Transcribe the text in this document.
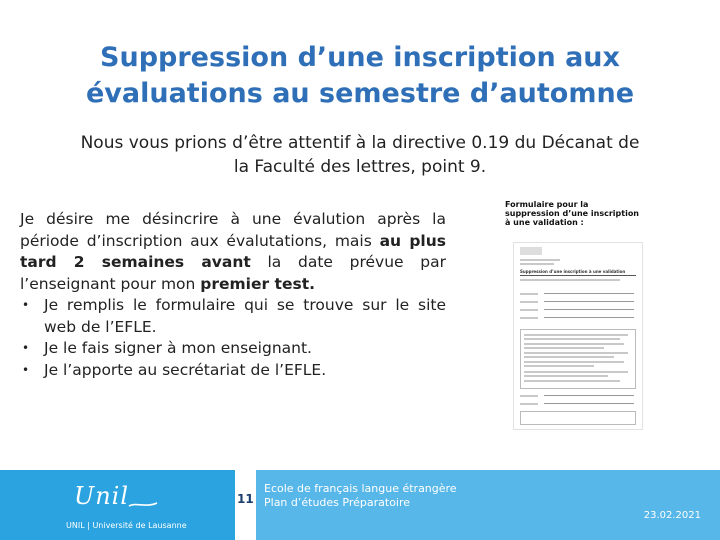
Suppression d’une inscription aux
évaluations au semestre d’automne
Nous vous prions d’être attentif à la directive 0.19 du Décanat de
la Faculté des lettres, point 9.
Je désire me désincrire à une évalution après la période d’inscription aux évalutations, mais au plus tard 2 semaines avant la date prévue par l’enseignant pour mon premier test.
• Je remplis le formulaire qui se trouve sur le site web de l’EFLE.
• Je le fais signer à mon enseignant.
• Je l’apporte au secrétariat de l’EFLE.
Formulaire pour la
suppression d’une inscription
à une validation :
Suppression d’une inscription à une validation
Unil
UNIL | Université de Lausanne
11
Ecole de français langue étrangère
Plan d’études Préparatoire
23.02.2021
